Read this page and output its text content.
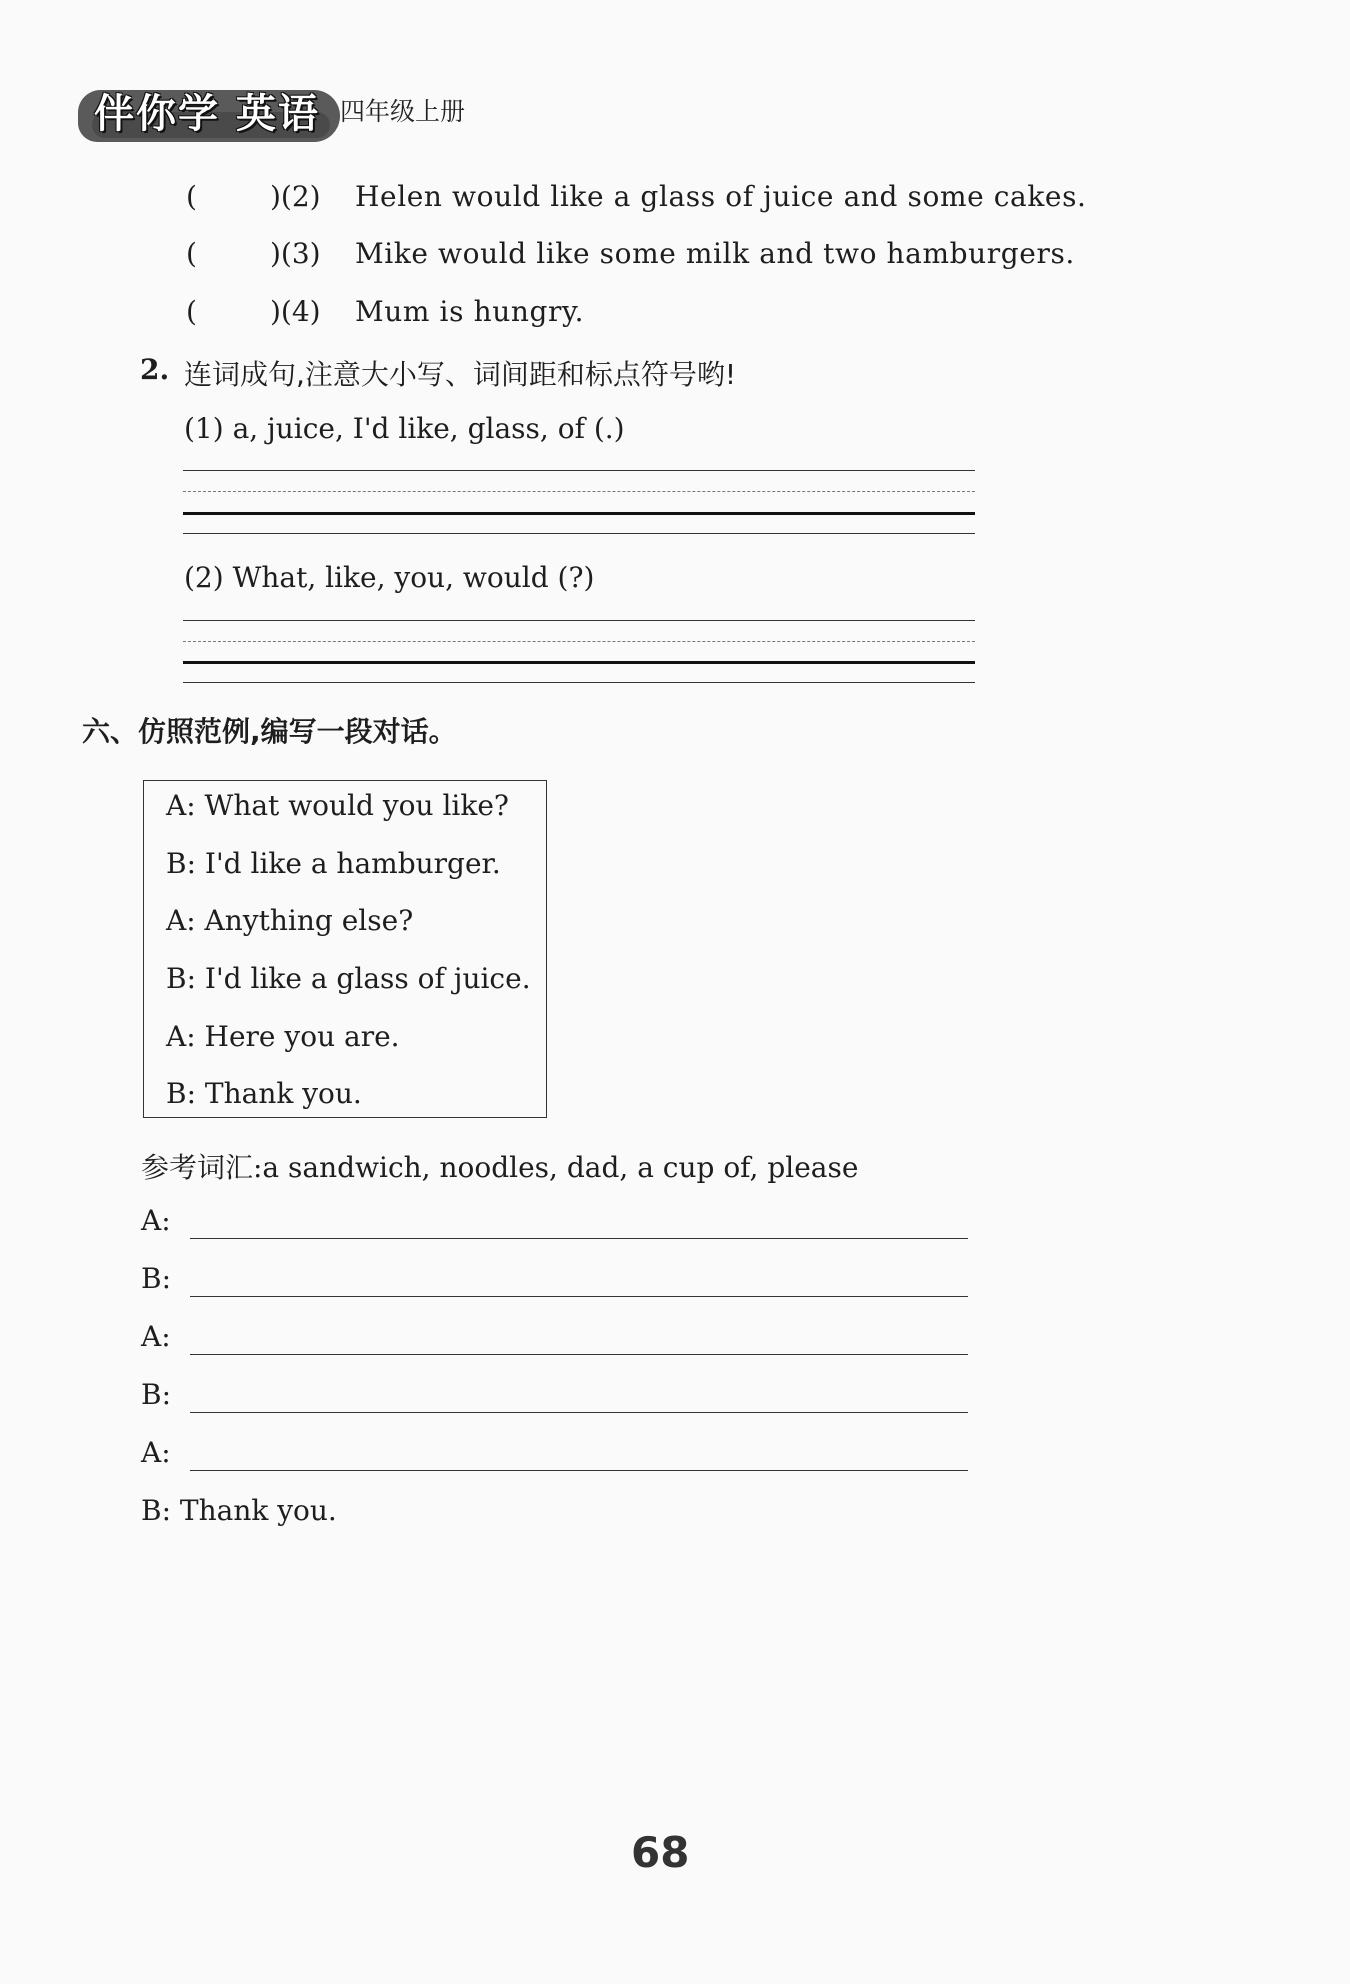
伴你学 英语 四年级上册
(	)(2) Helen would like a glass of juice and some cakes.
(	)(3) Mike would like some milk and two hamburgers.
(	)(4) Mum is hungry.
2. 连词成句,注意大小写、词间距和标点符号哟!
(1) a, juice, I'd like, glass, of (.)
(2) What, like, you, would (?)
六、仿照范例,编写一段对话。
A: What would you like?
B: I'd like a hamburger.
A: Anything else?
B: I'd like a glass of juice.
A: Here you are.
B: Thank you.
参考词汇:a sandwich, noodles, dad, a cup of, please
A:
B:
A:
B:
A:
B: Thank you.
68
